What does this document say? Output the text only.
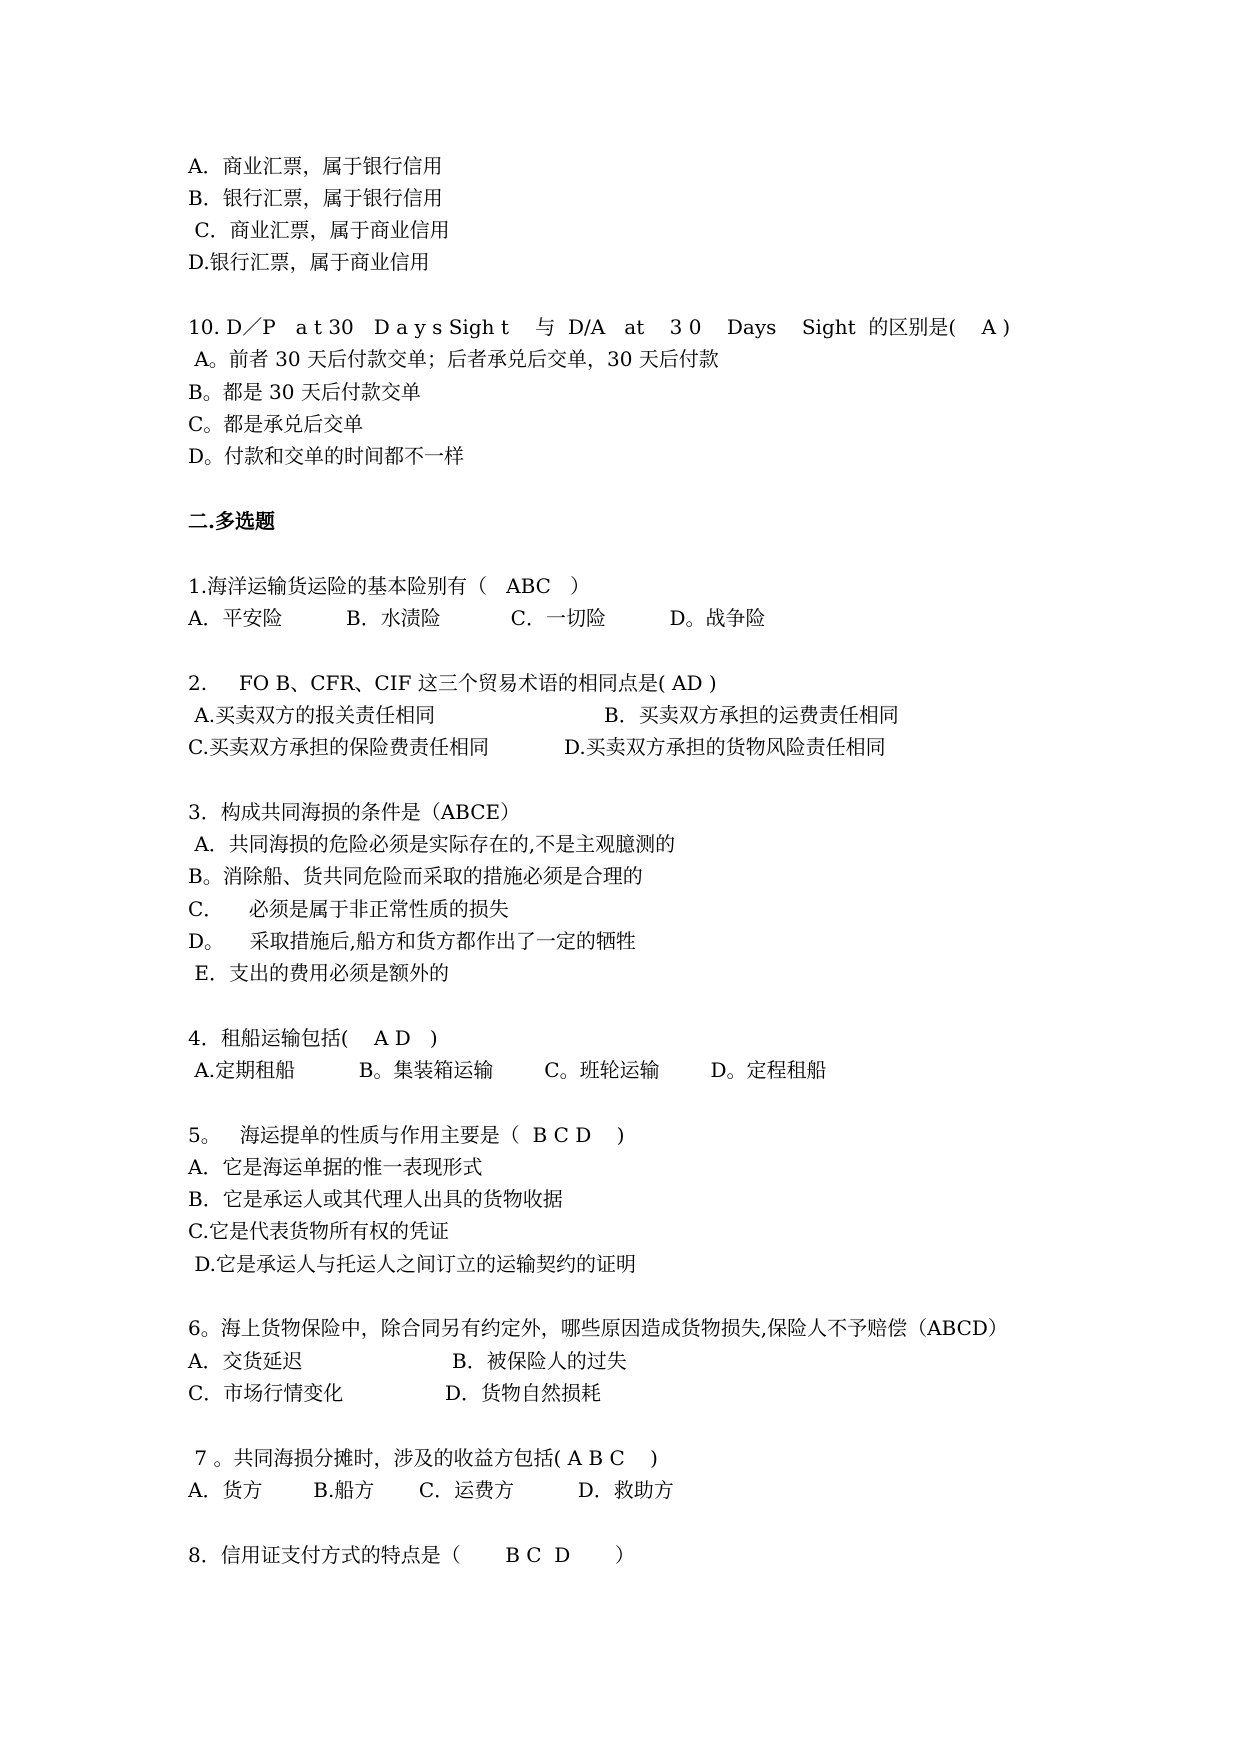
A．商业汇票，属于银行信用
B．银行汇票，属于银行信用
C．商业汇票，属于商业信用
D.银行汇票，属于商业信用
10. D／P　a t 30　D a y s Sigh t　 与  D/A   at    3 0    Days    Sight  的区别是(    A )
A。前者 30 天后付款交单；后者承兑后交单，30 天后付款
B。都是 30 天后付款交单
C。都是承兑后交单
D。付款和交单的时间都不一样
二.多选题
1.海洋运输货运险的基本险别有（   ABC   ）
A．平安险          B．水渍险           C．一切险          D。战争险
2.     FO B、CFR、CIF 这三个贸易术语的相同点是( AD )
A.买卖双方的报关责任相同	B．买卖双方承担的运费责任相同
C.买卖双方承担的保险费责任相同	D.买卖双方承担的货物风险责任相同
3．构成共同海损的条件是（ABCE）
A．共同海损的危险必须是实际存在的,不是主观臆测的
B。消除船、货共同危险而采取的措施必须是合理的
C．    必须是属于非正常性质的损失
D。    采取措施后,船方和货方都作出了一定的牺牲
E．支出的费用必须是额外的
4．租船运输包括(    A D   )
A.定期租船          B。集装箱运输        C。班轮运输        D。定程租船
5。   海运提单的性质与作用主要是（  B C D    )
A．它是海运单据的惟一表现形式
B．它是承运人或其代理人出具的货物收据
C.它是代表货物所有权的凭证
D.它是承运人与托运人之间订立的运输契约的证明
6。海上货物保险中，除合同另有约定外，哪些原因造成货物损失,保险人不予赔偿（ABCD）
A．交货延迟	B．被保险人的过失
C．市场行情变化	D．货物自然损耗
7 。共同海损分摊时，涉及的收益方包括( A B C    )
A．货方        B.船方       C．运费方          D．救助方
8．信用证支付方式的特点是（       B C  D       ）
